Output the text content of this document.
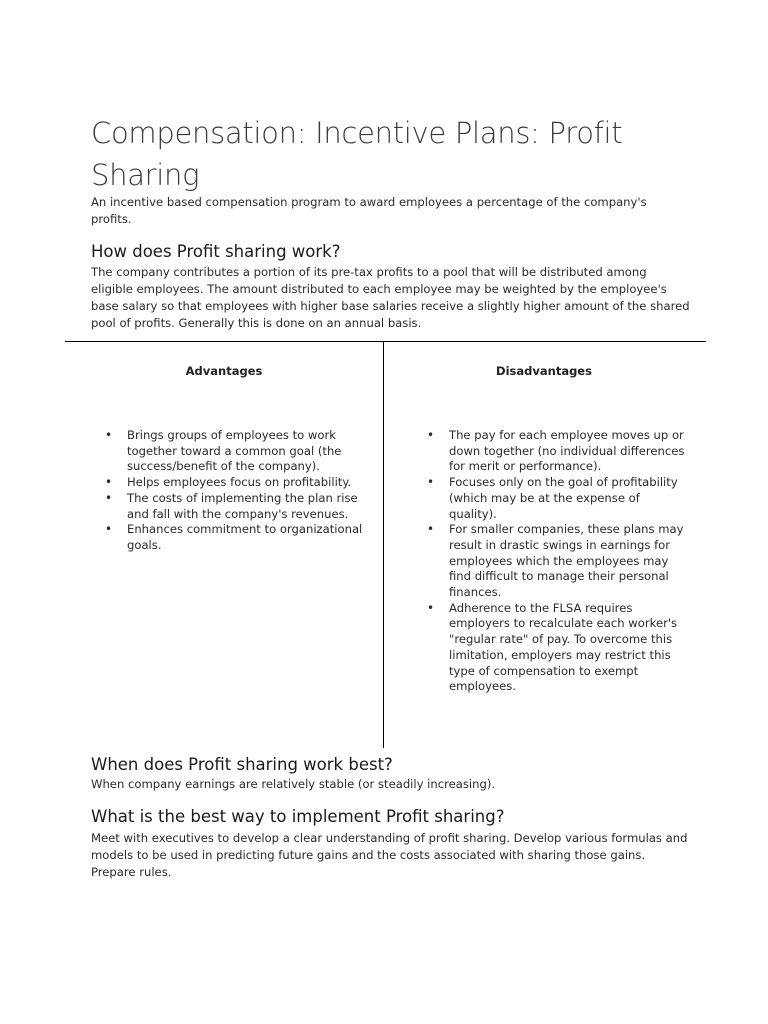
Compensation: Incentive Plans: Profit Sharing
An incentive based compensation program to award employees a percentage of the company's profits.
How does Profit sharing work?
The company contributes a portion of its pre-tax profits to a pool that will be distributed among eligible employees. The amount distributed to each employee may be weighted by the employee's base salary so that employees with higher base salaries receive a slightly higher amount of the shared pool of profits. Generally this is done on an annual basis.
Advantages	Disadvantages
• Brings groups of employees to work together toward a common goal (the success/benefit of the company).
• Helps employees focus on profitability.
• The costs of implementing the plan rise and fall with the company's revenues.
• Enhances commitment to organizational goals.
• The pay for each employee moves up or down together (no individual differences for merit or performance).
• Focuses only on the goal of profitability (which may be at the expense of quality).
• For smaller companies, these plans may result in drastic swings in earnings for employees which the employees may find difficult to manage their personal finances.
• Adherence to the FLSA requires employers to recalculate each worker's "regular rate" of pay. To overcome this limitation, employers may restrict this type of compensation to exempt employees.
When does Profit sharing work best?
When company earnings are relatively stable (or steadily increasing).
What is the best way to implement Profit sharing?
Meet with executives to develop a clear understanding of profit sharing. Develop various formulas and models to be used in predicting future gains and the costs associated with sharing those gains. Prepare rules.
